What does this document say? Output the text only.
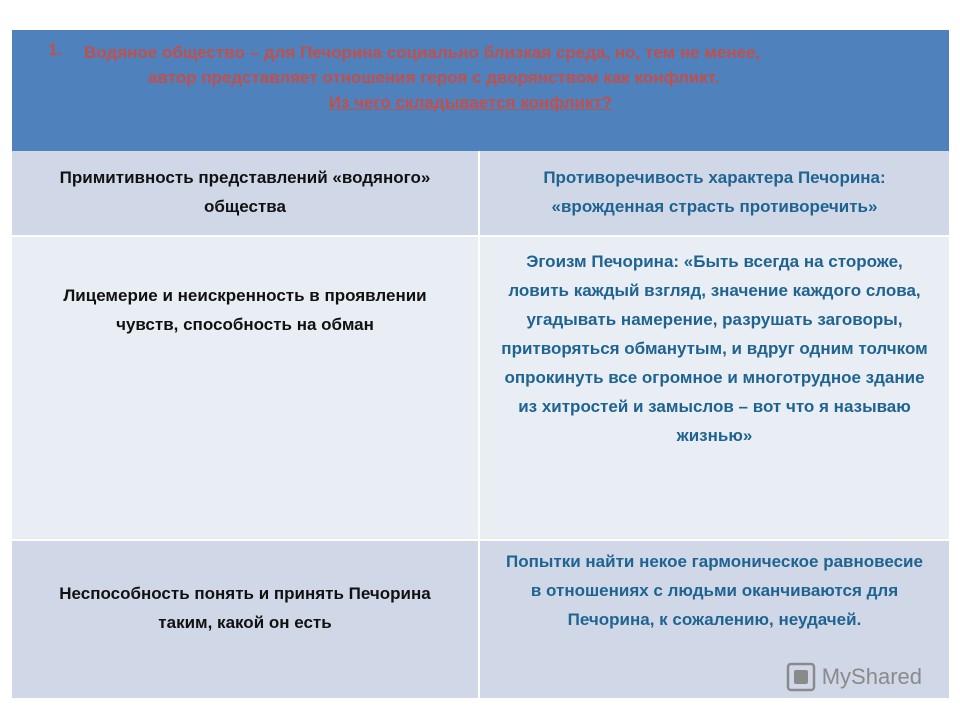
1.	Водяное общество – для Печорина социально близкая среда, но, тем не менее,
автор представляет отношения героя с дворянством как конфликт.
Из чего складывается конфликт?
Примитивность представлений «водяного» общества
Противоречивость характера Печорина: «врожденная страсть противоречить»
Лицемерие и неискренность в проявлении чувств, способность на обман
Эгоизм Печорина: «Быть всегда на стороже, ловить каждый взгляд, значение каждого слова, угадывать намерение, разрушать заговоры, притворяться обманутым, и вдруг одним толчком опрокинуть все огромное и многотрудное здание из хитростей и замыслов – вот что я называю жизнью»
Неспособность понять и принять Печорина таким, какой он есть
Попытки найти некое гармоническое равновесие в отношениях с людьми оканчиваются для Печорина, к сожалению, неудачей.
MyShared
